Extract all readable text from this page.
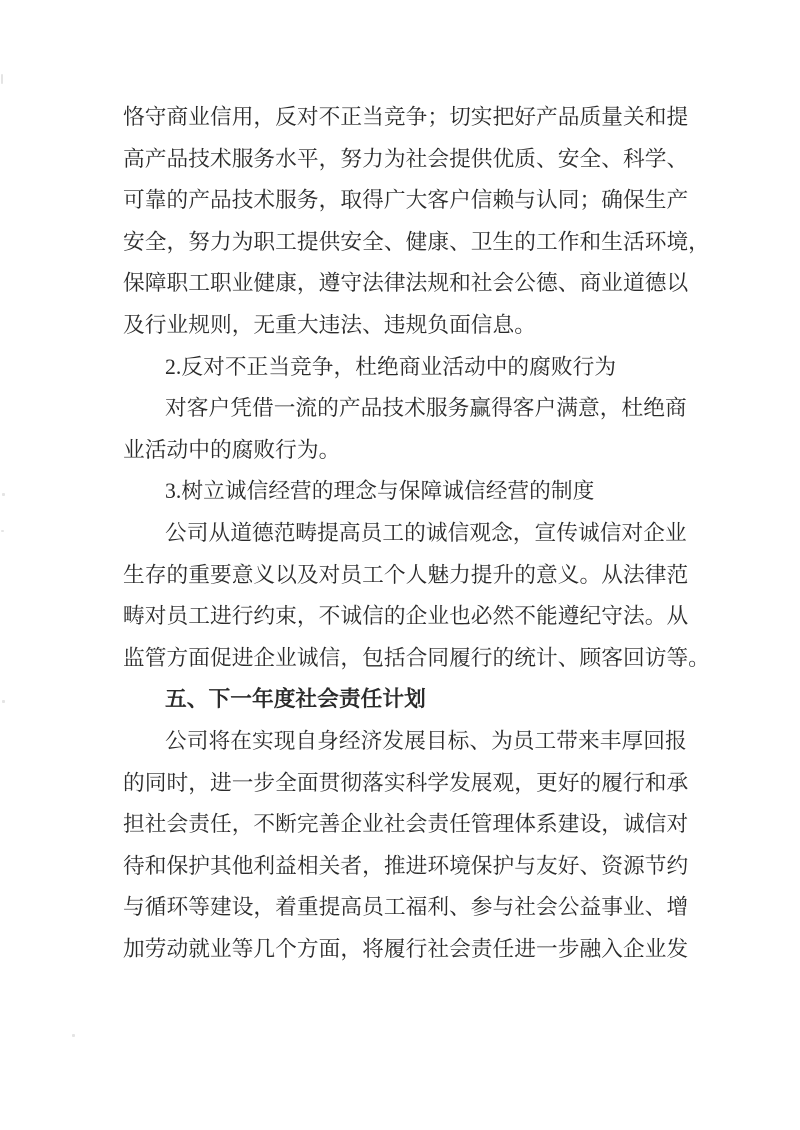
恪守商业信用，反对不正当竞争；切实把好产品质量关和提
高产品技术服务水平，努力为社会提供优质、安全、科学、
可靠的产品技术服务，取得广大客户信赖与认同；确保生产
安全，努力为职工提供安全、健康、卫生的工作和生活环境，
保障职工职业健康，遵守法律法规和社会公德、商业道德以
及行业规则，无重大违法、违规负面信息。
2.反对不正当竞争，杜绝商业活动中的腐败行为
对客户凭借一流的产品技术服务赢得客户满意，杜绝商
业活动中的腐败行为。
3.树立诚信经营的理念与保障诚信经营的制度
公司从道德范畴提高员工的诚信观念，宣传诚信对企业
生存的重要意义以及对员工个人魅力提升的意义。从法律范
畴对员工进行约束，不诚信的企业也必然不能遵纪守法。从
监管方面促进企业诚信，包括合同履行的统计、顾客回访等。
五、下一年度社会责任计划
公司将在实现自身经济发展目标、为员工带来丰厚回报
的同时，进一步全面贯彻落实科学发展观，更好的履行和承
担社会责任，不断完善企业社会责任管理体系建设，诚信对
待和保护其他利益相关者，推进环境保护与友好、资源节约
与循环等建设，着重提高员工福利、参与社会公益事业、增
加劳动就业等几个方面，将履行社会责任进一步融入企业发
